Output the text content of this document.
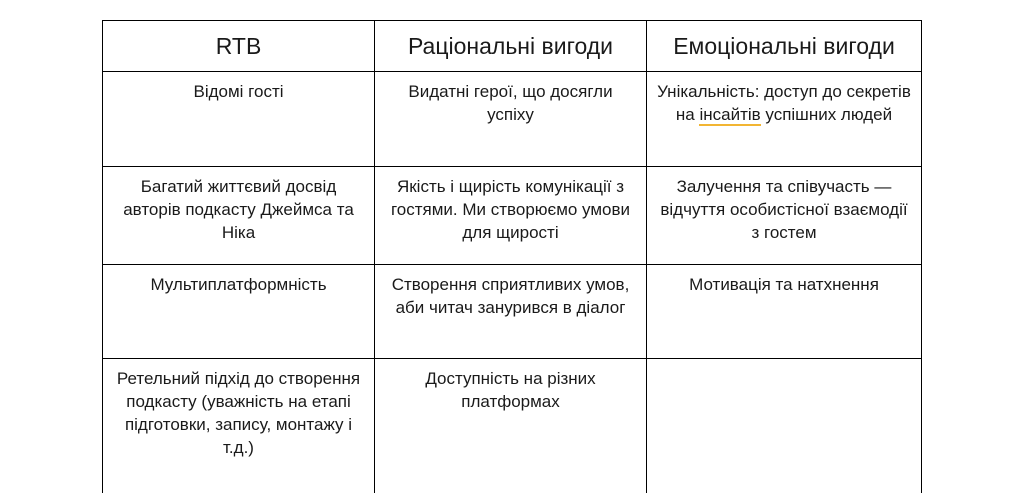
RTB	Раціональні вигоди	Емоціональні вигоди
Відомі гості	Видатні герої, що досягли успіху	Унікальність: доступ до секретів на інсайтів успішних людей
Багатий життєвий досвід авторів подкасту Джеймса та Ніка	Якість і щирість комунікації з гостями. Ми створюємо умови для щирості	Залучення та співучасть — відчуття особистісної взаємодії з гостем
Мультиплатформність	Створення сприятливих умов, аби читач занурився в діалог	Мотивація та натхнення
Ретельний підхід до створення подкасту (уважність на етапі підготовки, запису, монтажу і т.д.)	Доступність на різних платформах	
